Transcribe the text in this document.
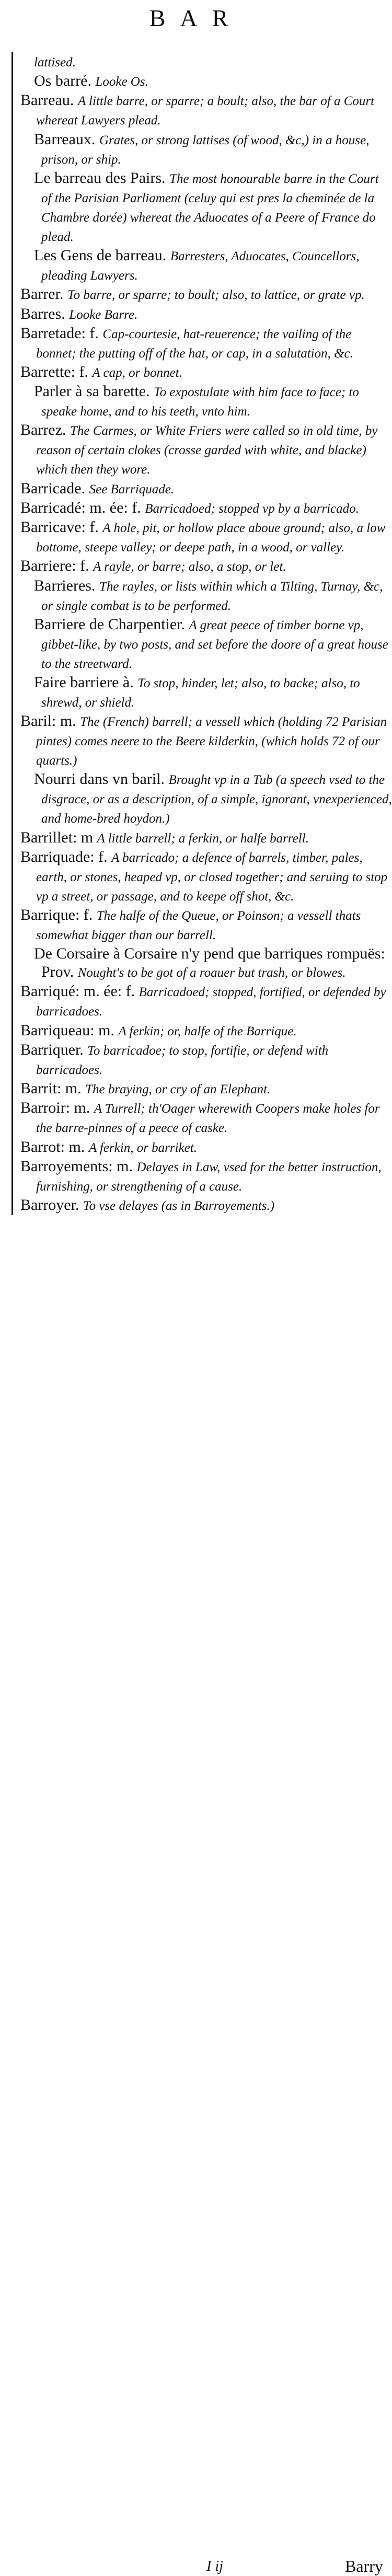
BAR
lattised.
Os barré. Looke Os.
Barreau. A little barre, or sparre; a boult; also, the bar of a Court whereat Lawyers plead.
Barreaux. Grates, or strong lattises (of wood, &c,) in a house, prison, or ship.
Le barreau des Pairs. The most honourable barre in the Court of the Parisian Parliament (celuy qui est pres la cheminée de la Chambre dorée) whereat the Aduocates of a Peere of France do plead.
Les Gens de barreau. Barresters, Aduocates, Councellors, pleading Lawyers.
Barrer. To barre, or sparre; to boult; also, to lattice, or grate vp.
Barres. Looke Barre.
Barretade: f. Cap-courtesie, hat-reuerence; the vailing of the bonnet; the putting off of the hat, or cap, in a salutation, &c.
Barrette: f. A cap, or bonnet.
Parler à sa barette. To expostulate with him face to face; to speake home, and to his teeth, vnto him.
Barrez. The Carmes, or White Friers were called so in old time, by reason of certain clokes (crosse garded with white, and blacke) which then they wore.
Barricade. See Barriquade.
Barricadé: m. ée: f. Barricadoed; stopped vp by a barricado.
Barricave: f. A hole, pit, or hollow place aboue ground; also, a low bottome, steepe valley; or deepe path, in a wood, or valley.
Barriere: f. A rayle, or barre; also, a stop, or let.
Barrieres. The rayles, or lists within which a Tilting, Turnay, &c, or single combat is to be performed.
Barriere de Charpentier. A great peece of timber borne vp, gibbet-like, by two posts, and set before the doore of a great house to the streetward.
Faire barriere à. To stop, hinder, let; also, to backe; also, to shrewd, or shield.
Baril: m. The (French) barrell; a vessell which (holding 72 Parisian pintes) comes neere to the Beere kilderkin, (which holds 72 of our quarts.)
Nourri dans vn baril. Brought vp in a Tub (a speech vsed to the disgrace, or as a description, of a simple, ignorant, vnexperienced, and home-bred hoydon.)
Barrillet: m A little barrell; a ferkin, or halfe barrell.
Barriquade: f. A barricado; a defence of barrels, timber, pales, earth, or stones, heaped vp, or closed together; and seruing to stop vp a street, or passage, and to keepe off shot, &c.
Barrique: f. The halfe of the Queue, or Poinson; a vessell thats somewhat bigger than our barrell.
De Corsaire à Corsaire n'y pend que barriques rompuës: Prov. Nought's to be got of a roauer but trash, or blowes.
Barriqué: m. ée: f. Barricadoed; stopped, fortified, or defended by barricadoes.
Barriqueau: m. A ferkin; or, halfe of the Barrique.
Barriquer. To barricadoe; to stop, fortifie, or defend with barricadoes.
Barrit: m. The braying, or cry of an Elephant.
Barroir: m. A Turrell; th'Oager wherewith Coopers make holes for the barre-pinnes of a peece of caske.
Barrot: m. A ferkin, or barriket.
Barroyements: m. Delayes in Law, vsed for the better instruction, furnishing, or strengthening of a cause.
Barroyer. To vse delayes (as in Barroyements.)
I ij	Barry
